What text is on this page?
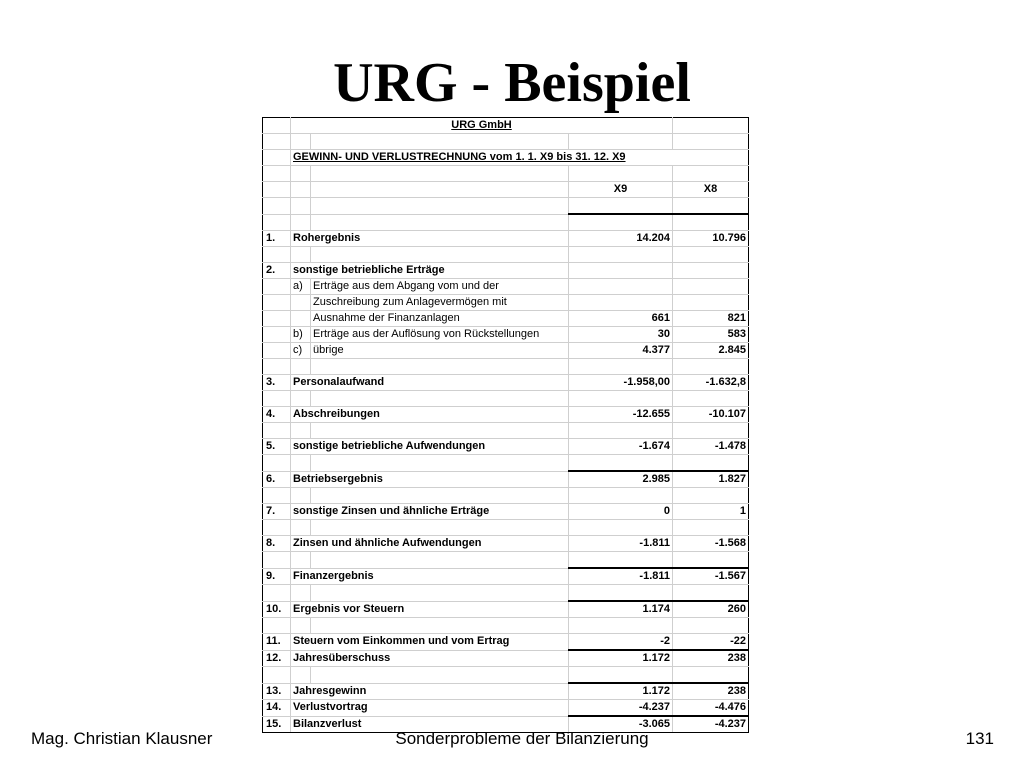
URG - Beispiel
	URG GmbH			

	GEWINN- UND VERLUSTRECHNUNG vom 1. 1. X9 bis 31. 12. X9			

			X9	X8

1.	Rohergebnis		14.204	10.796

2.	sonstige betriebliche Erträge			
	a)	Erträge aus dem Abgang vom und der		
		Zuschreibung zum Anlagevermögen mit		
		Ausnahme der Finanzanlagen	661	821
	b)	Erträge aus der Auflösung von Rückstellungen	30	583
	c)	übrige	4.377	2.845

3.	Personalaufwand		-1.958,00	-1.632,8

4.	Abschreibungen		-12.655	-10.107

5.	sonstige betriebliche Aufwendungen		-1.674	-1.478

6.	Betriebsergebnis		2.985	1.827

7.	sonstige Zinsen und ähnliche Erträge		0	1

8.	Zinsen und ähnliche Aufwendungen		-1.811	-1.568

9.	Finanzergebnis		-1.811	-1.567

10.	Ergebnis vor Steuern		1.174	260

11.	Steuern vom Einkommen und vom Ertrag		-2	-22
12.	Jahresüberschuss		1.172	238

13.	Jahresgewinn		1.172	238
14.	Verlustvortrag		-4.237	-4.476
15.	Bilanzverlust		-3.065	-4.237
Mag. Christian Klausner	Sonderprobleme der Bilanzierung	131
